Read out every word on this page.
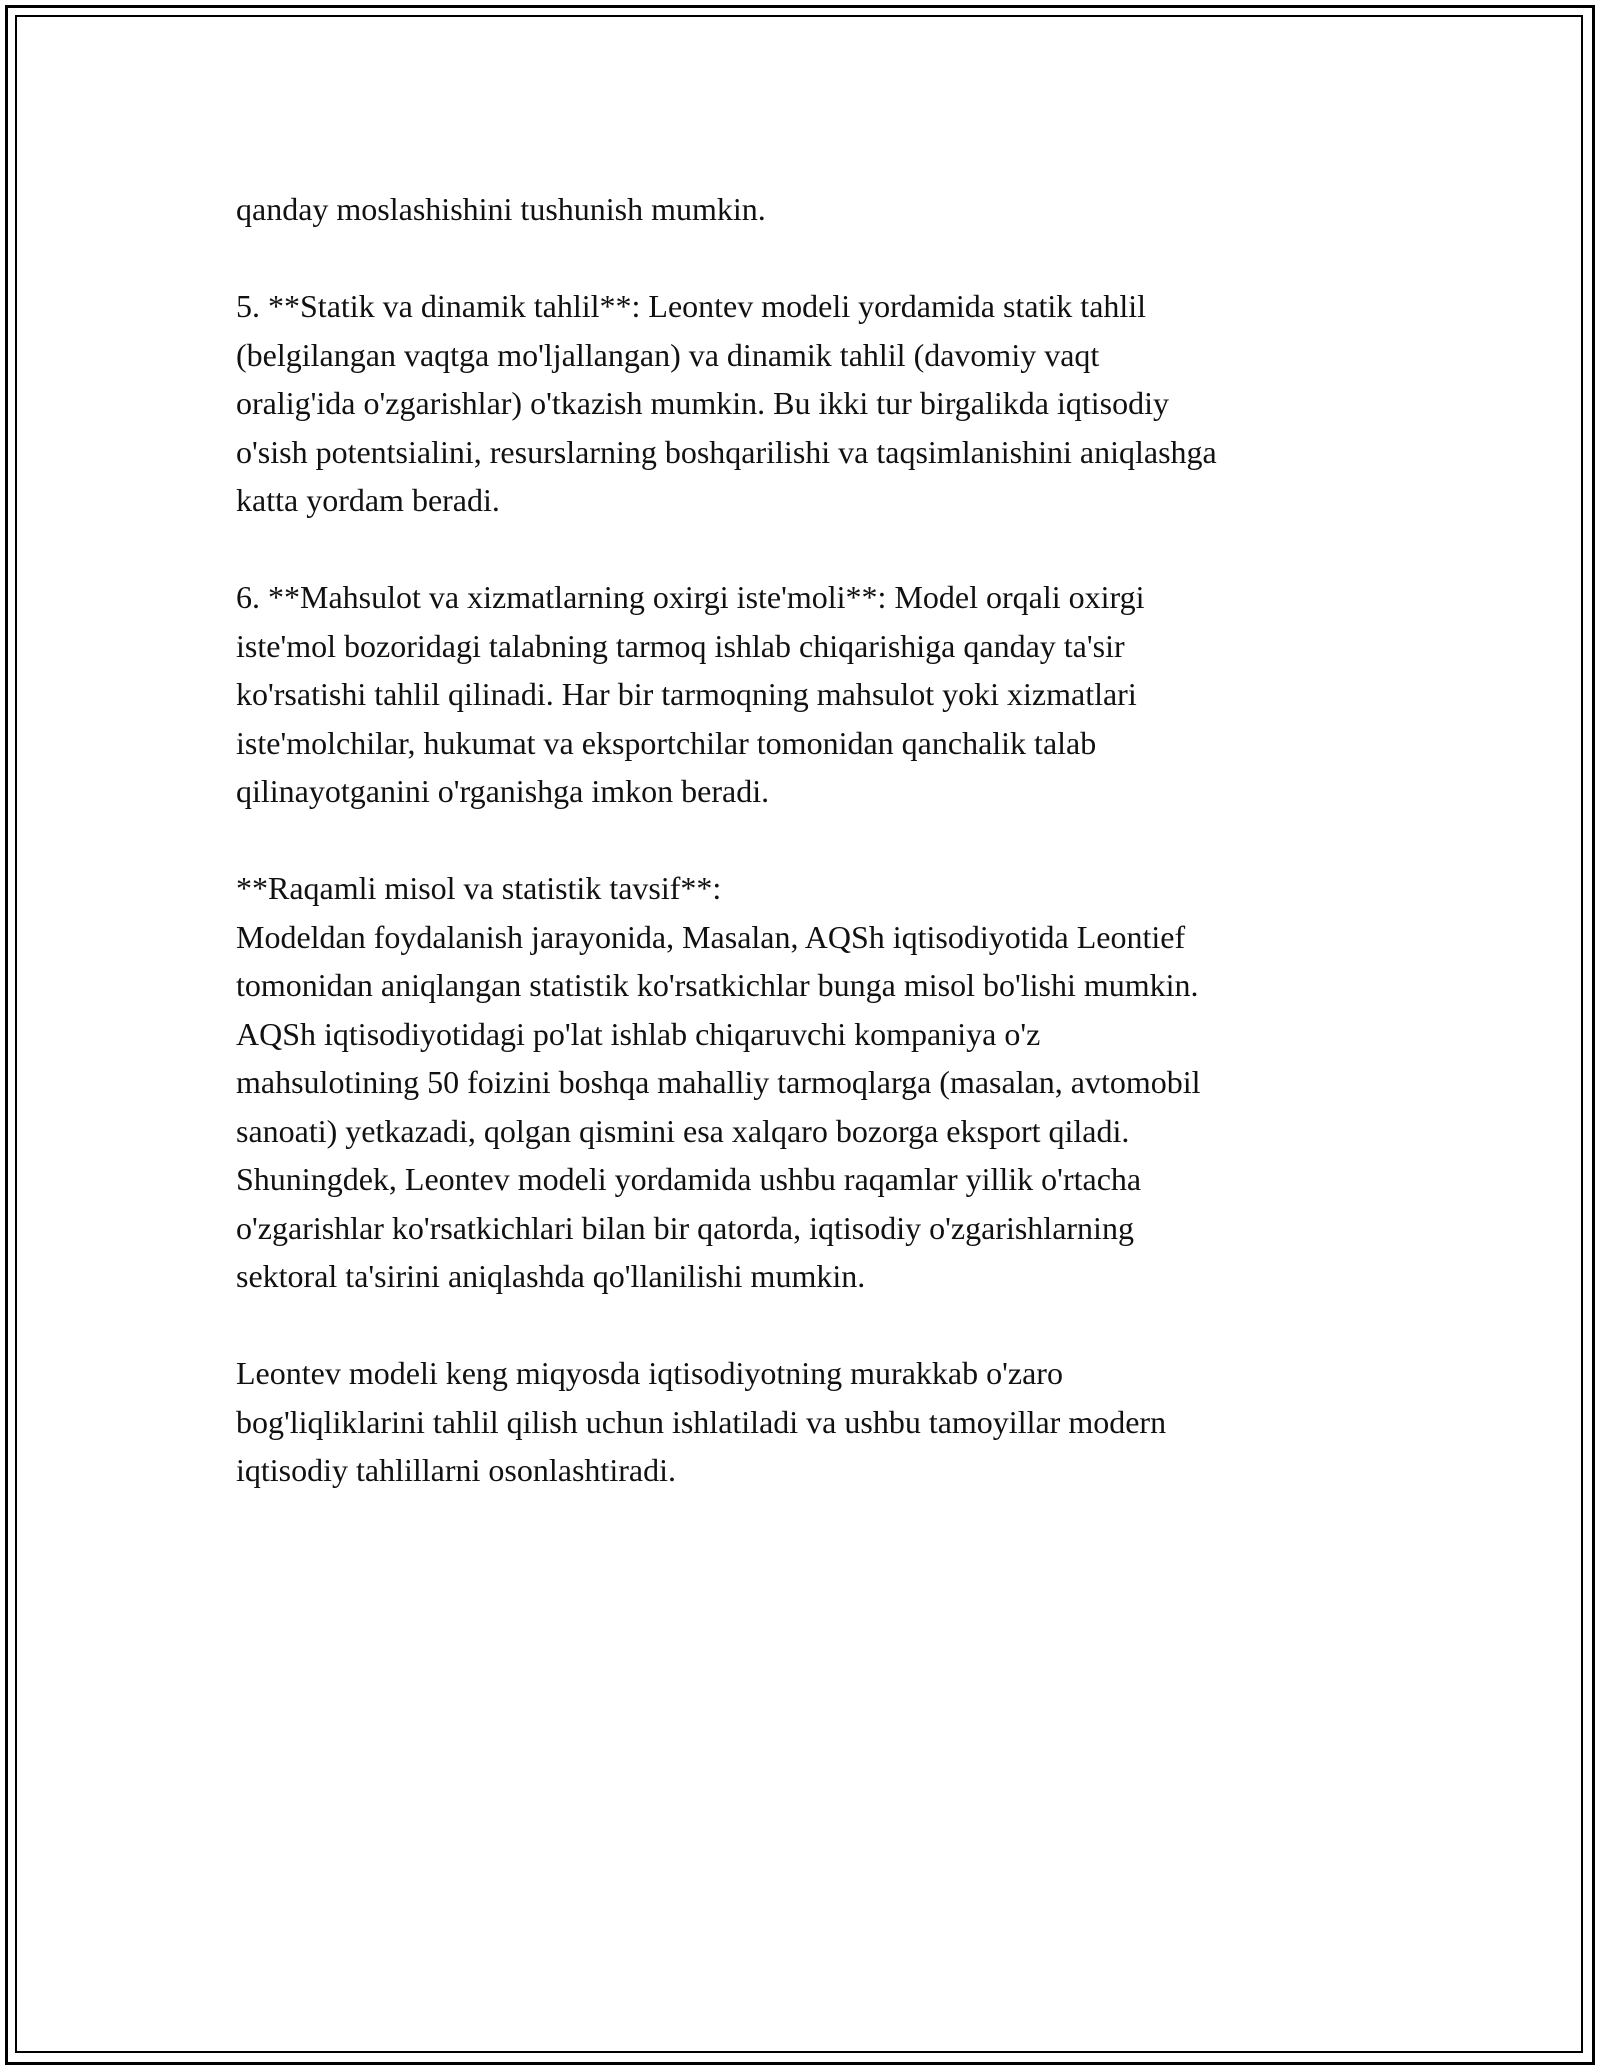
qanday moslashishini tushunish mumkin.

5. **Statik va dinamik tahlil**: Leontev modeli yordamida statik tahlil

(belgilangan vaqtga mo'ljallangan) va dinamik tahlil (davomiy vaqt

oralig'ida o'zgarishlar) o'tkazish mumkin. Bu ikki tur birgalikda iqtisodiy

o'sish potentsialini, resurslarning boshqarilishi va taqsimlanishini aniqlashga

katta yordam beradi.

6. **Mahsulot va xizmatlarning oxirgi iste'moli**: Model orqali oxirgi

iste'mol bozoridagi talabning tarmoq ishlab chiqarishiga qanday ta'sir

ko'rsatishi tahlil qilinadi. Har bir tarmoqning mahsulot yoki xizmatlari

iste'molchilar, hukumat va eksportchilar tomonidan qanchalik talab

qilinayotganini o'rganishga imkon beradi.

**Raqamli misol va statistik tavsif**:

Modeldan foydalanish jarayonida, Masalan, AQSh iqtisodiyotida Leontief

tomonidan aniqlangan statistik ko'rsatkichlar bunga misol bo'lishi mumkin.

AQSh iqtisodiyotidagi po'lat ishlab chiqaruvchi kompaniya o'z

mahsulotining 50 foizini boshqa mahalliy tarmoqlarga (masalan, avtomobil

sanoati) yetkazadi, qolgan qismini esa xalqaro bozorga eksport qiladi.

Shuningdek, Leontev modeli yordamida ushbu raqamlar yillik o'rtacha

o'zgarishlar ko'rsatkichlari bilan bir qatorda, iqtisodiy o'zgarishlarning

sektoral ta'sirini aniqlashda qo'llanilishi mumkin.

Leontev modeli keng miqyosda iqtisodiyotning murakkab o'zaro

bog'liqliklarini tahlil qilish uchun ishlatiladi va ushbu tamoyillar modern

iqtisodiy tahlillarni osonlashtiradi.
